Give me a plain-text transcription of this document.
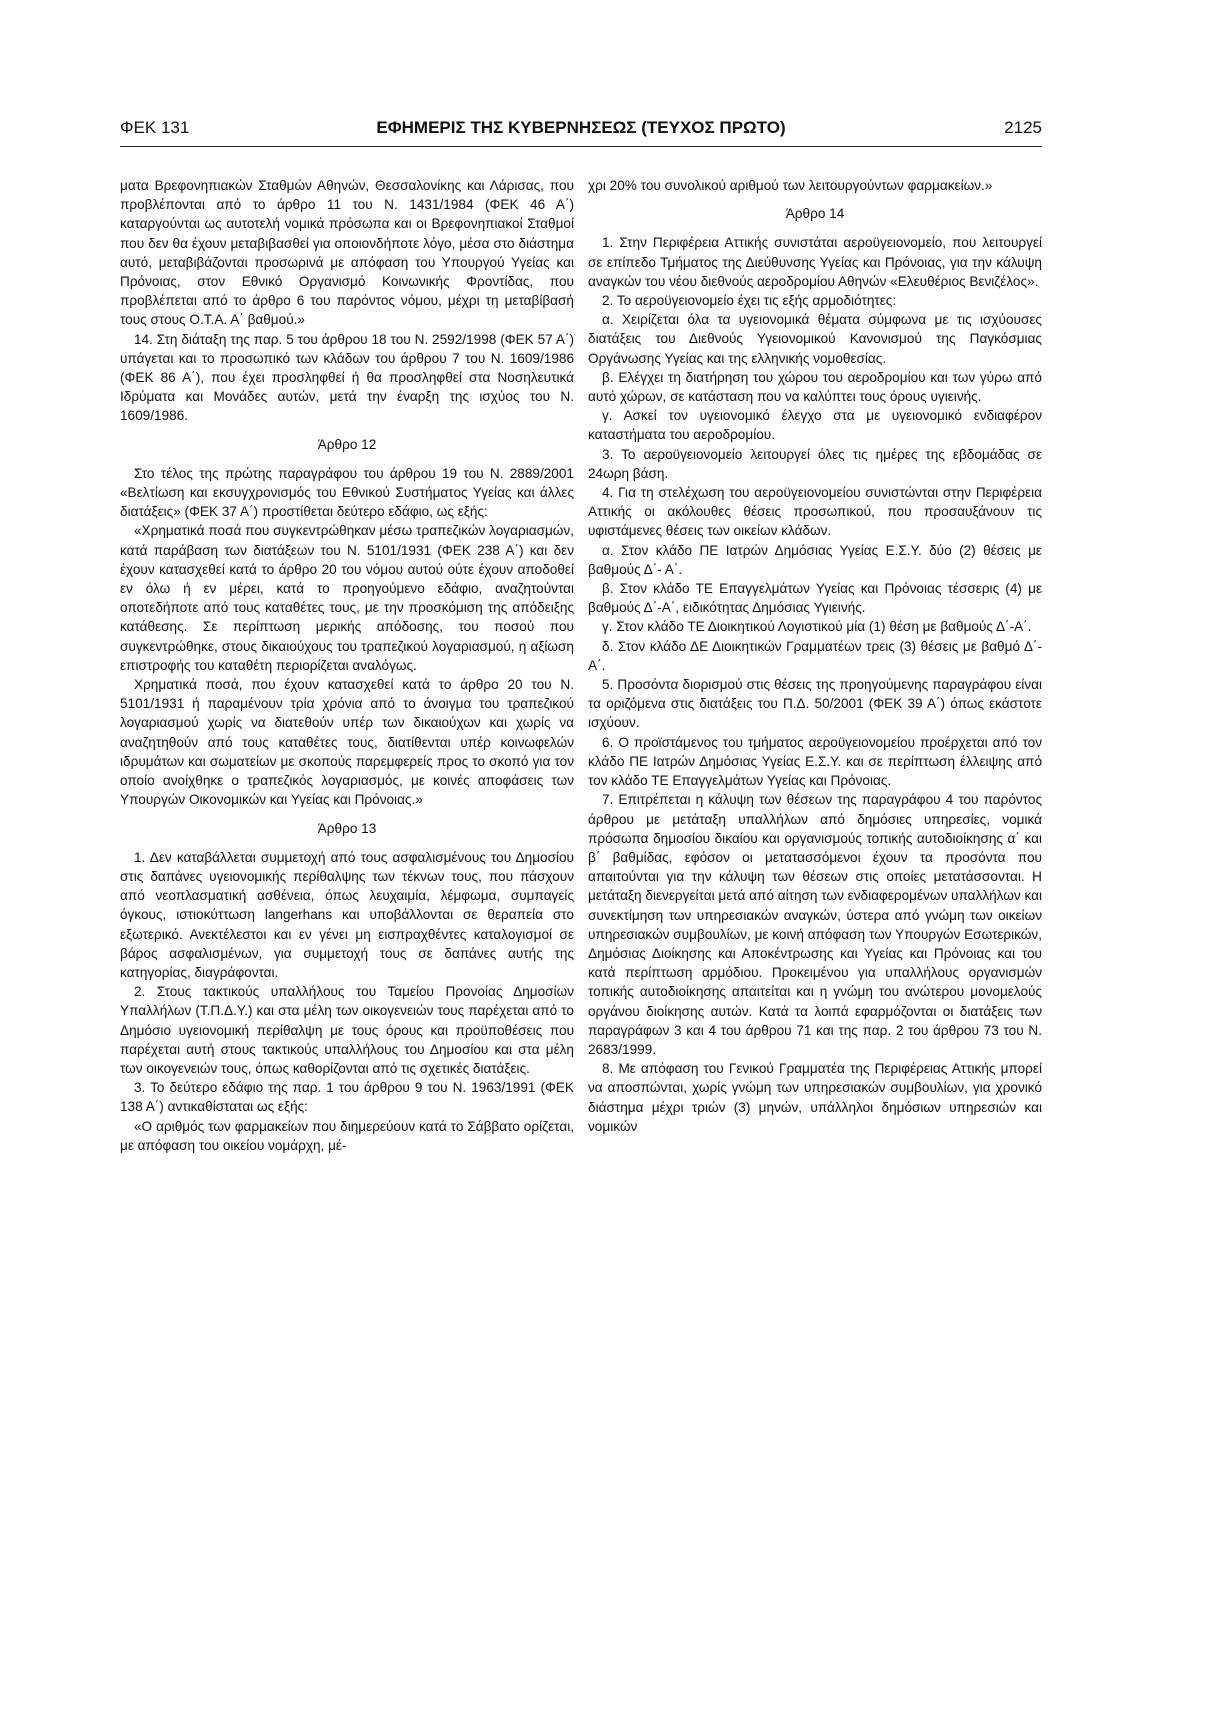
ΦΕΚ 131	ΕΦΗΜΕΡΙΣ ΤΗΣ ΚΥΒΕΡΝΗΣΕΩΣ (ΤΕΥΧΟΣ ΠΡΩΤΟ)	2125

ματα Βρεφονηπιακών Σταθμών Αθηνών, Θεσσαλονίκης και Λάρισας, που προβλέπονται από το άρθρο 11 του Ν. 1431/1984 (ΦΕΚ 46 Α΄) καταργούνται ως αυτοτελή νομικά πρόσωπα και οι Βρεφονηπιακοί Σταθμοί που δεν θα έχουν μεταβιβασθεί για οποιονδήποτε λόγο, μέσα στο διάστημα αυτό, μεταβιβάζονται προσωρινά με απόφαση του Υπουργού Υγείας και Πρόνοιας, στον Εθνικό Οργανισμό Κοινωνικής Φροντίδας, που προβλέπεται από το άρθρο 6 του παρόντος νόμου, μέχρι τη μεταβίβασή τους στους Ο.Τ.Α. Α΄ βαθμού.»

14. Στη διάταξη της παρ. 5 του άρθρου 18 του Ν. 2592/1998 (ΦΕΚ 57 Α΄) υπάγεται και το προσωπικό των κλάδων του άρθρου 7 του Ν. 1609/1986 (ΦΕΚ 86 Α΄), που έχει προσληφθεί ή θα προσληφθεί στα Νοσηλευτικά Ιδρύματα και Μονάδες αυτών, μετά την έναρξη της ισχύος του Ν. 1609/1986.

Άρθρο 12

Στο τέλος της πρώτης παραγράφου του άρθρου 19 του Ν. 2889/2001 «Βελτίωση και εκσυγχρονισμός του Εθνικού Συστήματος Υγείας και άλλες διατάξεις» (ΦΕΚ 37 Α΄) προστίθεται δεύτερο εδάφιο, ως εξής:

«Χρηματικά ποσά που συγκεντρώθηκαν μέσω τραπεζικών λογαριασμών, κατά παράβαση των διατάξεων του Ν. 5101/1931 (ΦΕΚ 238 Α΄) και δεν έχουν κατασχεθεί κατά το άρθρο 20 του νόμου αυτού ούτε έχουν αποδοθεί εν όλω ή εν μέρει, κατά το προηγούμενο εδάφιο, αναζητούνται οποτεδήποτε από τους καταθέτες τους, με την προσκόμιση της απόδειξης κατάθεσης. Σε περίπτωση μερικής απόδοσης, του ποσού που συγκεντρώθηκε, στους δικαιούχους του τραπεζικού λογαριασμού, η αξίωση επιστροφής του καταθέτη περιορίζεται αναλόγως.

Χρηματικά ποσά, που έχουν κατασχεθεί κατά το άρθρο 20 του Ν. 5101/1931 ή παραμένουν τρία χρόνια από το άνοιγμα του τραπεζικού λογαριασμού χωρίς να διατεθούν υπέρ των δικαιούχων και χωρίς να αναζητηθούν από τους καταθέτες τους, διατίθενται υπέρ κοινωφελών ιδρυμάτων και σωματείων με σκοπούς παρεμφερείς προς το σκοπό για τον οποίο ανοίχθηκε ο τραπεζικός λογαριασμός, με κοινές αποφάσεις των Υπουργών Οικονομικών και Υγείας και Πρόνοιας.»

Άρθρο 13

1. Δεν καταβάλλεται συμμετοχή από τους ασφαλισμένους του Δημοσίου στις δαπάνες υγειονομικής περίθαλψης των τέκνων τους, που πάσχουν από νεοπλασματική ασθένεια, όπως λευχαιμία, λέμφωμα, συμπαγείς όγκους, ιστιοκύττωση langerhans και υποβάλλονται σε θεραπεία στο εξωτερικό. Ανεκτέλεστοι και εν γένει μη εισπραχθέντες καταλογισμοί σε βάρος ασφαλισμένων, για συμμετοχή τους σε δαπάνες αυτής της κατηγορίας, διαγράφονται.

2. Στους τακτικούς υπαλλήλους του Ταμείου Προνοίας Δημοσίων Υπαλλήλων (Τ.Π.Δ.Υ.) και στα μέλη των οικογενειών τους παρέχεται από το Δημόσιο υγειονομική περίθαλψη με τους όρους και προϋποθέσεις που παρέχεται αυτή στους τακτικούς υπαλλήλους του Δημοσίου και στα μέλη των οικογενειών τους, όπως καθορίζονται από τις σχετικές διατάξεις.

3. Το δεύτερο εδάφιο της παρ. 1 του άρθρου 9 του Ν. 1963/1991 (ΦΕΚ 138 Α΄) αντικαθίσταται ως εξής:

«Ο αριθμός των φαρμακείων που διημερεύουν κατά το Σάββατο ορίζεται, με απόφαση του οικείου νομάρχη, μέ-

χρι 20% του συνολικού αριθμού των λειτουργούντων φαρμακείων.»

Άρθρο 14

1. Στην Περιφέρεια Αττικής συνιστάται αεροϋγειονομείο, που λειτουργεί σε επίπεδο Τμήματος της Διεύθυνσης Υγείας και Πρόνοιας, για την κάλυψη αναγκών του νέου διεθνούς αεροδρομίου Αθηνών «Ελευθέριος Βενιζέλος».

2. Το αεροϋγειονομείο έχει τις εξής αρμοδιότητες:

α. Χειρίζεται όλα τα υγειονομικά θέματα σύμφωνα με τις ισχύουσες διατάξεις του Διεθνούς Υγειονομικού Κανονισμού της Παγκόσμιας Οργάνωσης Υγείας και της ελληνικής νομοθεσίας.

β. Ελέγχει τη διατήρηση του χώρου του αεροδρομίου και των γύρω από αυτό χώρων, σε κατάσταση που να καλύπτει τους όρους υγιεινής.

γ. Ασκεί τον υγειονομικό έλεγχο στα με υγειονομικό ενδιαφέρον καταστήματα του αεροδρομίου.

3. Το αεροϋγειονομείο λειτουργεί όλες τις ημέρες της εβδομάδας σε 24ωρη βάση.

4. Για τη στελέχωση του αεροϋγειονομείου συνιστώνται στην Περιφέρεια Αττικής οι ακόλουθες θέσεις προσωπικού, που προσαυξάνουν τις υφιστάμενες θέσεις των οικείων κλάδων.

α. Στον κλάδο ΠΕ Ιατρών Δημόσιας Υγείας Ε.Σ.Υ. δύο (2) θέσεις με βαθμούς Δ΄- Α΄.

β. Στον κλάδο ΤΕ Επαγγελμάτων Υγείας και Πρόνοιας τέσσερις (4) με βαθμούς Δ΄-Α΄, ειδικότητας Δημόσιας Υγιεινής.

γ. Στον κλάδο ΤΕ Διοικητικού Λογιστικού μία (1) θέση με βαθμούς Δ΄-Α΄.

δ. Στον κλάδο ΔΕ Διοικητικών Γραμματέων τρεις (3) θέσεις με βαθμό Δ΄- Α΄.

5. Προσόντα διορισμού στις θέσεις της προηγούμενης παραγράφου είναι τα οριζόμενα στις διατάξεις του Π.Δ. 50/2001 (ΦΕΚ 39 Α΄) όπως εκάστοτε ισχύουν.

6. Ο προϊστάμενος του τμήματος αεροϋγειονομείου προέρχεται από τον κλάδο ΠΕ Ιατρών Δημόσιας Υγείας Ε.Σ.Υ. και σε περίπτωση έλλειψης από τον κλάδο ΤΕ Επαγγελμάτων Υγείας και Πρόνοιας.

7. Επιτρέπεται η κάλυψη των θέσεων της παραγράφου 4 του παρόντος άρθρου με μετάταξη υπαλλήλων από δημόσιες υπηρεσίες, νομικά πρόσωπα δημοσίου δικαίου και οργανισμούς τοπικής αυτοδιοίκησης α΄ και β΄ βαθμίδας, εφόσον οι μετατασσόμενοι έχουν τα προσόντα που απαιτούνται για την κάλυψη των θέσεων στις οποίες μετατάσσονται. Η μετάταξη διενεργείται μετά από αίτηση των ενδιαφερομένων υπαλλήλων και συνεκτίμηση των υπηρεσιακών αναγκών, ύστερα από γνώμη των οικείων υπηρεσιακών συμβουλίων, με κοινή απόφαση των Υπουργών Εσωτερικών, Δημόσιας Διοίκησης και Αποκέντρωσης και Υγείας και Πρόνοιας και του κατά περίπτωση αρμόδιου. Προκειμένου για υπαλλήλους οργανισμών τοπικής αυτοδιοίκησης απαιτείται και η γνώμη του ανώτερου μονομελούς οργάνου διοίκησης αυτών. Κατά τα λοιπά εφαρμόζονται οι διατάξεις των παραγράφων 3 και 4 του άρθρου 71 και της παρ. 2 του άρθρου 73 του Ν. 2683/1999.

8. Με απόφαση του Γενικού Γραμματέα της Περιφέρειας Αττικής μπορεί να αποσπώνται, χωρίς γνώμη των υπηρεσιακών συμβουλίων, για χρονικό διάστημα μέχρι τριών (3) μηνών, υπάλληλοι δημόσιων υπηρεσιών και νομικών
